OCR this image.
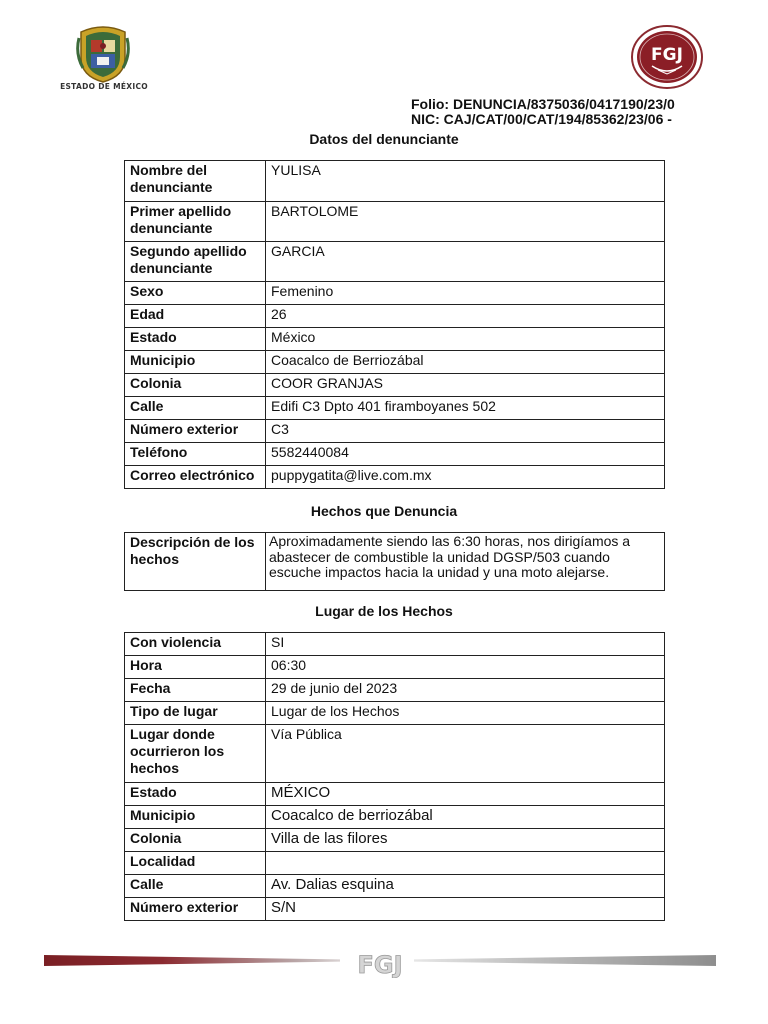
ESTADO DE MÉXICO
FGJ
Folio: DENUNCIA/8375036/0417190/23/0
NIC: CAJ/CAT/00/CAT/194/85362/23/06 -
Datos del denunciante
Nombre del denunciante	YULISA
Primer apellido denunciante	BARTOLOME
Segundo apellido denunciante	GARCIA
Sexo	Femenino
Edad	26
Estado	México
Municipio	Coacalco de Berriozábal
Colonia	COOR GRANJAS
Calle	Edifi C3 Dpto 401 firamboyanes 502
Número exterior	C3
Teléfono	5582440084
Correo electrónico	puppygatita@live.com.mx
Hechos que Denuncia
Descripción de los hechos	Aproximadamente siendo las 6:30 horas, nos dirigíamos a abastecer de combustible la unidad DGSP/503 cuando escuche impactos hacia la unidad y una moto alejarse.
Lugar de los Hechos
Con violencia	SI
Hora	06:30
Fecha	29 de junio del 2023
Tipo de lugar	Lugar de los Hechos
Lugar donde ocurrieron los hechos	Vía Pública
Estado	MÉXICO
Municipio	Coacalco de berriozábal
Colonia	Villa de las filores
Localidad	
Calle	Av. Dalias esquina
Número exterior	S/N
FGJ
